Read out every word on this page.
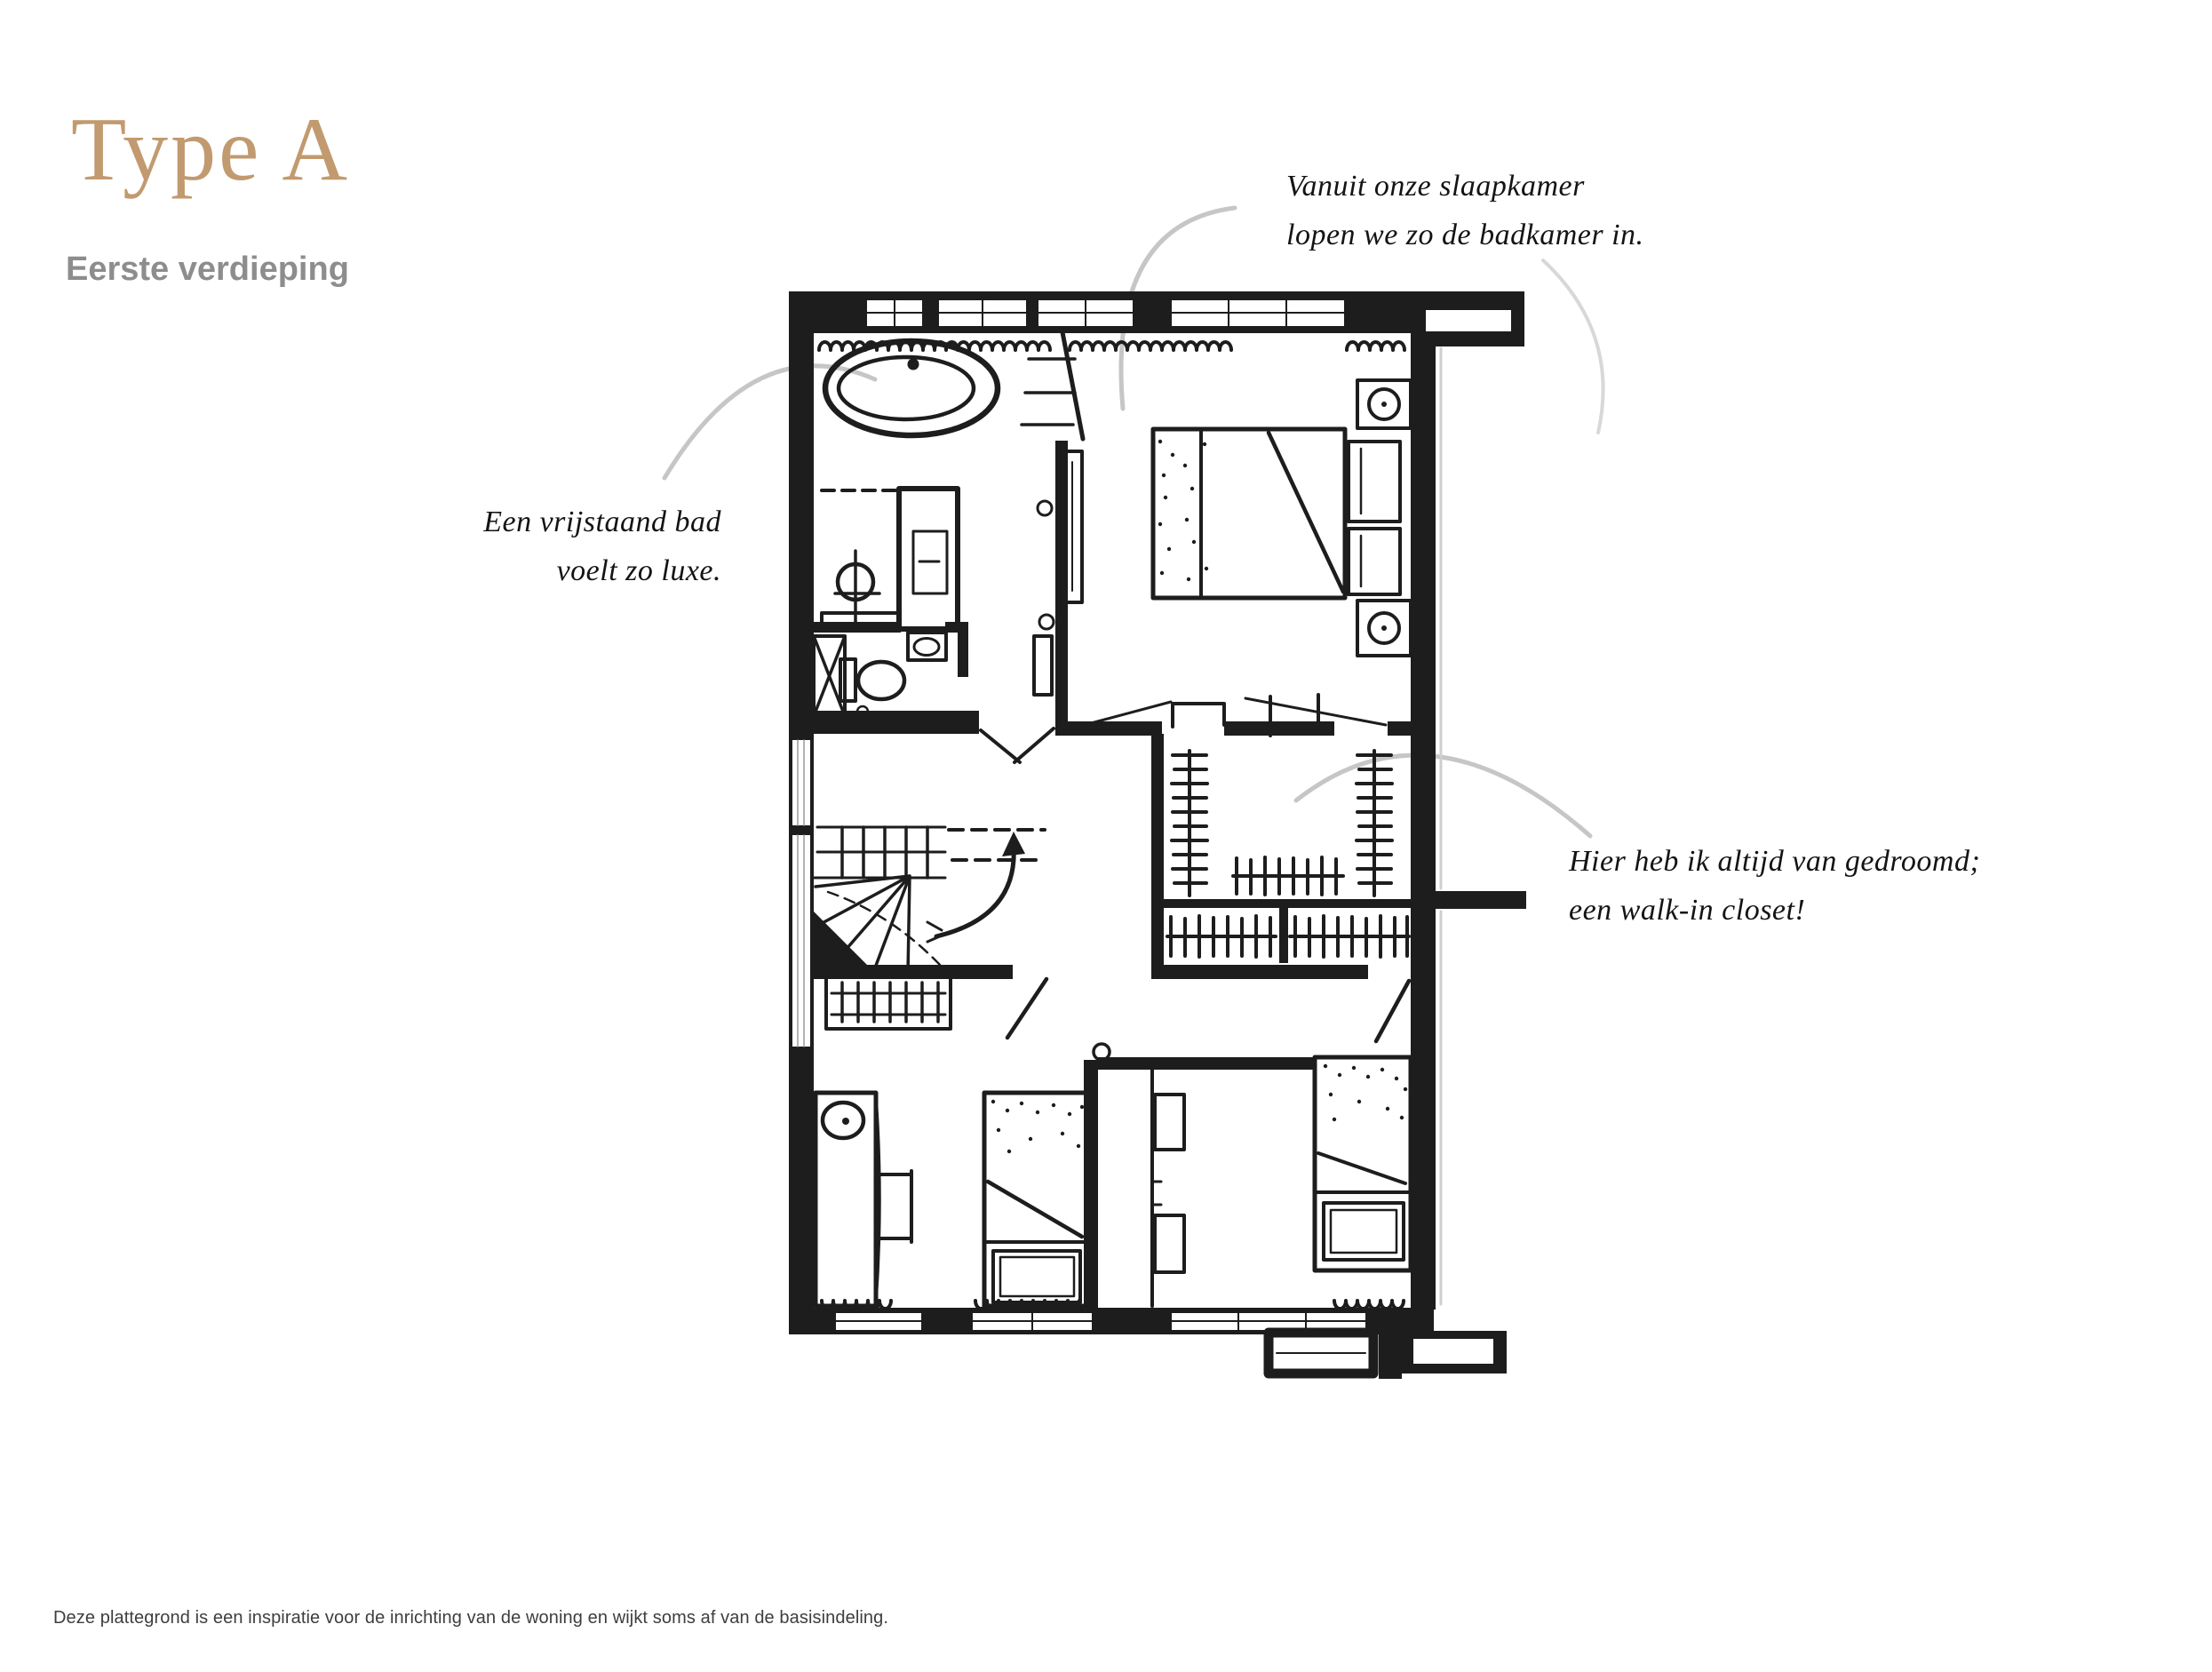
Type A
Eerste verdieping

Vanuit onze slaapkamer
lopen we zo de badkamer in.

Een vrijstaand bad
voelt zo luxe.

Hier heb ik altijd van gedroomd;
een walk-in closet!

Deze plattegrond is een inspiratie voor de inrichting van de woning en wijkt soms af van de basisindeling.
